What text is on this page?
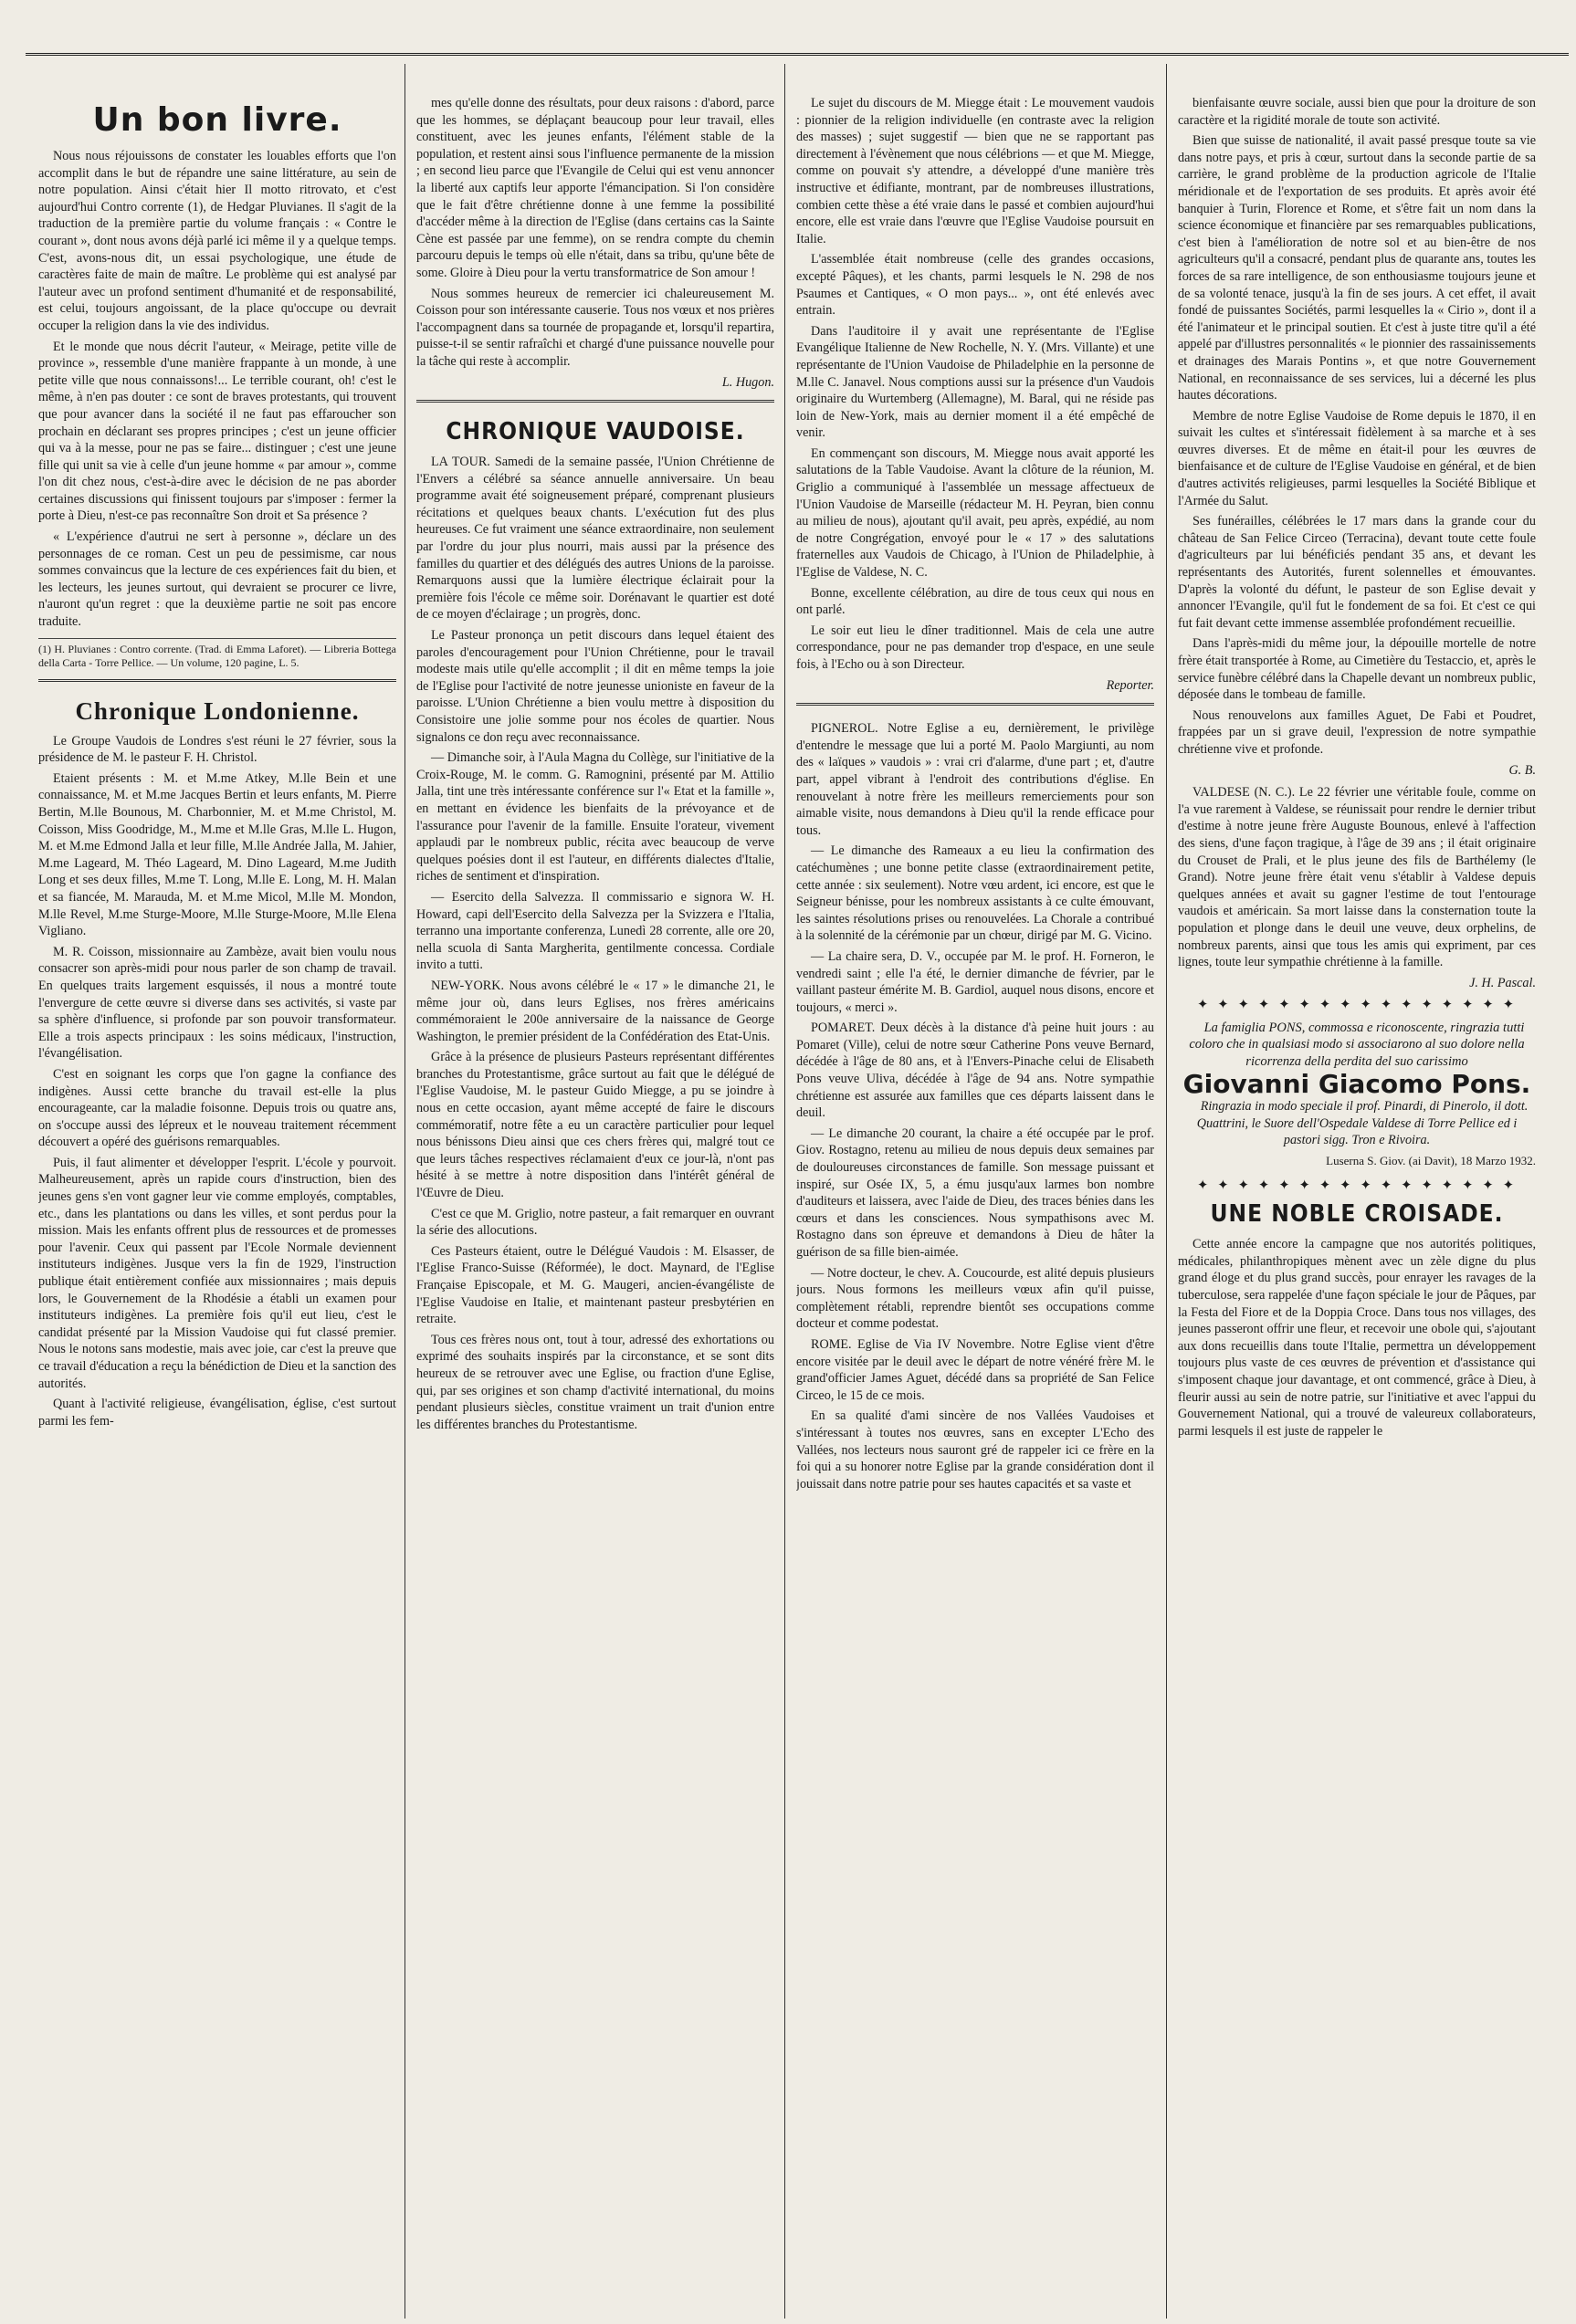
Un bon livre.

Nous nous réjouissons de constater les louables efforts que l'on accomplit dans le but de répandre une saine littérature, au sein de notre population. Ainsi c'était hier Il motto ritrovato, et c'est aujourd'hui Contro corrente (1), de Hedgar Pluvianes. Il s'agit de la traduction de la première partie du volume français : « Contre le courant », dont nous avons déjà parlé ici même il y a quelque temps. C'est, avons-nous dit, un essai psychologique, une étude de caractères faite de main de maître. Le problème qui est analysé par l'auteur avec un profond sentiment d'humanité et de responsabilité, est celui, toujours angoissant, de la place qu'occupe ou devrait occuper la religion dans la vie des individus.

Et le monde que nous décrit l'auteur, « Meirage, petite ville de province », ressemble d'une manière frappante à un monde, à une petite ville que nous connaissons!... Le terrible courant, oh! c'est le même, à n'en pas douter : ce sont de braves protestants, qui trouvent que pour avancer dans la société il ne faut pas effaroucher son prochain en déclarant ses propres principes ; c'est un jeune officier qui va à la messe, pour ne pas se faire... distinguer ; c'est une jeune fille qui unit sa vie à celle d'un jeune homme « par amour », comme l'on dit chez nous, c'est-à-dire avec le décision de ne pas aborder certaines discussions qui finissent toujours par s'imposer : fermer la porte à Dieu, n'est-ce pas reconnaître Son droit et Sa présence ?

« L'expérience d'autrui ne sert à personne », déclare un des personnages de ce roman. Cest un peu de pessimisme, car nous sommes convaincus que la lecture de ces expériences fait du bien, et les lecteurs, les jeunes surtout, qui devraient se procurer ce livre, n'auront qu'un regret : que la deuxième partie ne soit pas encore traduite.

(1) H. Pluvianes : Contro corrente. (Trad. di Emma Laforet). — Libreria Bottega della Carta - Torre Pellice. — Un volume, 120 pagine, L. 5.

Chronique Londonienne.

Le Groupe Vaudois de Londres s'est réuni le 27 février, sous la présidence de M. le pasteur F. H. Christol.

Etaient présents : M. et M.me Atkey, M.lle Bein et une connaissance, M. et M.me Jacques Bertin et leurs enfants, M. Pierre Bertin, M.lle Bounous, M. Charbonnier, M. et M.me Christol, M. Coisson, Miss Goodridge, M., M.me et M.lle Gras, M.lle L. Hugon, M. et M.me Edmond Jalla et leur fille, M.lle Andrée Jalla, M. Jahier, M.me Lageard, M. Théo Lageard, M. Dino Lageard, M.me Judith Long et ses deux filles, M.me T. Long, M.lle E. Long, M. H. Malan et sa fiancée, M. Marauda, M. et M.me Micol, M.lle M. Mondon, M.lle Revel, M.me Sturge-Moore, M.lle Sturge-Moore, M.lle Elena Vigliano.

M. R. Coisson, missionnaire au Zambèze, avait bien voulu nous consacrer son après-midi pour nous parler de son champ de travail. En quelques traits largement esquissés, il nous a montré toute l'envergure de cette œuvre si diverse dans ses activités, si vaste par sa sphère d'influence, si profonde par son pouvoir transformateur. Elle a trois aspects principaux : les soins médicaux, l'instruction, l'évangélisation.

C'est en soignant les corps que l'on gagne la confiance des indigènes. Aussi cette branche du travail est-elle la plus encourageante, car la maladie foisonne. Depuis trois ou quatre ans, on s'occupe aussi des lépreux et le nouveau traitement récemment découvert a opéré des guérisons remarquables.

Puis, il faut alimenter et développer l'esprit. L'école y pourvoit. Malheureusement, après un rapide cours d'instruction, bien des jeunes gens s'en vont gagner leur vie comme employés, comptables, etc., dans les plantations ou dans les villes, et sont perdus pour la mission. Mais les enfants offrent plus de ressources et de promesses pour l'avenir. Ceux qui passent par l'Ecole Normale deviennent instituteurs indigènes. Jusque vers la fin de 1929, l'instruction publique était entièrement confiée aux missionnaires ; mais depuis lors, le Gouvernement de la Rhodésie a établi un examen pour instituteurs indigènes. La première fois qu'il eut lieu, c'est le candidat présenté par la Mission Vaudoise qui fut classé premier. Nous le notons sans modestie, mais avec joie, car c'est la preuve que ce travail d'éducation a reçu la bénédiction de Dieu et la sanction des autorités.

Quant à l'activité religieuse, évangélisation, église, c'est surtout parmi les fem-

mes qu'elle donne des résultats, pour deux raisons : d'abord, parce que les hommes, se déplaçant beaucoup pour leur travail, elles constituent, avec les jeunes enfants, l'élément stable de la population, et restent ainsi sous l'influence permanente de la mission ; en second lieu parce que l'Evangile de Celui qui est venu annoncer la liberté aux captifs leur apporte l'émancipation. Si l'on considère que le fait d'être chrétienne donne à une femme la possibilité d'accéder même à la direction de l'Eglise (dans certains cas la Sainte Cène est passée par une femme), on se rendra compte du chemin parcouru depuis le temps où elle n'était, dans sa tribu, qu'une bête de some. Gloire à Dieu pour la vertu transformatrice de Son amour !

Nous sommes heureux de remercier ici chaleureusement M. Coisson pour son intéressante causerie. Tous nos vœux et nos prières l'accompagnent dans sa tournée de propagande et, lorsqu'il repartira, puisse-t-il se sentir rafraîchi et chargé d'une puissance nouvelle pour la tâche qui reste à accomplir.

L. Hugon.

CHRONIQUE VAUDOISE.

LA TOUR. Samedi de la semaine passée, l'Union Chrétienne de l'Envers a célébré sa séance annuelle anniversaire. Un beau programme avait été soigneusement préparé, comprenant plusieurs récitations et quelques beaux chants. L'exécution fut des plus heureuses. Ce fut vraiment une séance extraordinaire, non seulement par l'ordre du jour plus nourri, mais aussi par la présence des familles du quartier et des délégués des autres Unions de la paroisse. Remarquons aussi que la lumière électrique éclairait pour la première fois l'école ce même soir. Dorénavant le quartier est doté de ce moyen d'éclairage ; un progrès, donc.

Le Pasteur prononça un petit discours dans lequel étaient des paroles d'encouragement pour l'Union Chrétienne, pour le travail modeste mais utile qu'elle accomplit ; il dit en même temps la joie de l'Eglise pour l'activité de notre jeunesse unioniste en faveur de la paroisse. L'Union Chrétienne a bien voulu mettre à disposition du Consistoire une jolie somme pour nos écoles de quartier. Nous signalons ce don reçu avec reconnaissance.

— Dimanche soir, à l'Aula Magna du Collège, sur l'initiative de la Croix-Rouge, M. le comm. G. Ramognini, présenté par M. Attilio Jalla, tint une très intéressante conférence sur l'« Etat et la famille », en mettant en évidence les bienfaits de la prévoyance et de l'assurance pour l'avenir de la famille. Ensuite l'orateur, vivement applaudi par le nombreux public, récita avec beaucoup de verve quelques poésies dont il est l'auteur, en différents dialectes d'Italie, riches de sentiment et d'inspiration.

— Esercito della Salvezza. Il commissario e signora W. H. Howard, capi dell'Esercito della Salvezza per la Svizzera e l'Italia, terranno una importante conferenza, Lunedì 28 corrente, alle ore 20, nella scuola di Santa Margherita, gentilmente concessa. Cordiale invito a tutti.

NEW-YORK. Nous avons célébré le « 17 » le dimanche 21, le même jour où, dans leurs Eglises, nos frères américains commémoraient le 200e anniversaire de la naissance de George Washington, le premier président de la Confédération des Etat-Unis.

Grâce à la présence de plusieurs Pasteurs représentant différentes branches du Protestantisme, grâce surtout au fait que le délégué de l'Eglise Vaudoise, M. le pasteur Guido Miegge, a pu se joindre à nous en cette occasion, ayant même accepté de faire le discours commémoratif, notre fête a eu un caractère particulier pour lequel nous bénissons Dieu ainsi que ces chers frères qui, malgré tout ce que leurs tâches respectives réclamaient d'eux ce jour-là, n'ont pas hésité à se mettre à notre disposition dans l'intérêt général de l'Œuvre de Dieu.

C'est ce que M. Griglio, notre pasteur, a fait remarquer en ouvrant la série des allocutions.

Ces Pasteurs étaient, outre le Délégué Vaudois : M. Elsasser, de l'Eglise Franco-Suisse (Réformée), le doct. Maynard, de l'Eglise Française Episcopale, et M. G. Maugeri, ancien-évangéliste de l'Eglise Vaudoise en Italie, et maintenant pasteur presbytérien en retraite.

Tous ces frères nous ont, tout à tour, adressé des exhortations ou exprimé des souhaits inspirés par la circonstance, et se sont dits heureux de se retrouver avec une Eglise, ou fraction d'une Eglise, qui, par ses origines et son champ d'activité international, du moins pendant plusieurs siècles, constitue vraiment un trait d'union entre les différentes branches du Protestantisme.

Le sujet du discours de M. Miegge était : Le mouvement vaudois : pionnier de la religion individuelle (en contraste avec la religion des masses) ; sujet suggestif — bien que ne se rapportant pas directement à l'évènement que nous célébrions — et que M. Miegge, comme on pouvait s'y attendre, a développé d'une manière très instructive et édifiante, montrant, par de nombreuses illustrations, combien cette thèse a été vraie dans le passé et combien aujourd'hui encore, elle est vraie dans l'œuvre que l'Eglise Vaudoise poursuit en Italie.

L'assemblée était nombreuse (celle des grandes occasions, excepté Pâques), et les chants, parmi lesquels le N. 298 de nos Psaumes et Cantiques, « O mon pays... », ont été enlevés avec entrain.

Dans l'auditoire il y avait une représentante de l'Eglise Evangélique Italienne de New Rochelle, N. Y. (Mrs. Villante) et une représentante de l'Union Vaudoise de Philadelphie en la personne de M.lle C. Janavel. Nous comptions aussi sur la présence d'un Vaudois originaire du Wurtemberg (Allemagne), M. Baral, qui ne réside pas loin de New-York, mais au dernier moment il a été empêché de venir.

En commençant son discours, M. Miegge nous avait apporté les salutations de la Table Vaudoise. Avant la clôture de la réunion, M. Griglio a communiqué à l'assemblée un message affectueux de l'Union Vaudoise de Marseille (rédacteur M. H. Peyran, bien connu au milieu de nous), ajoutant qu'il avait, peu après, expédié, au nom de notre Congrégation, envoyé pour le « 17 » des salutations fraternelles aux Vaudois de Chicago, à l'Union de Philadelphie, à l'Eglise de Valdese, N. C.

Bonne, excellente célébration, au dire de tous ceux qui nous en ont parlé.

Le soir eut lieu le dîner traditionnel. Mais de cela une autre correspondance, pour ne pas demander trop d'espace, en une seule fois, à l'Echo ou à son Directeur.

Reporter.

PIGNEROL. Notre Eglise a eu, dernièrement, le privilège d'entendre le message que lui a porté M. Paolo Margiunti, au nom des « laïques » vaudois » : vrai cri d'alarme, d'une part ; et, d'autre part, appel vibrant à l'endroit des contributions d'église. En renouvelant à notre frère les meilleurs remerciements pour son aimable visite, nous demandons à Dieu qu'il la rende efficace pour tous.

— Le dimanche des Rameaux a eu lieu la confirmation des catéchumènes ; une bonne petite classe (extraordinairement petite, cette année : six seulement). Notre vœu ardent, ici encore, est que le Seigneur bénisse, pour les nombreux assistants à ce culte émouvant, les saintes résolutions prises ou renouvelées. La Chorale a contribué à la solennité de la cérémonie par un chœur, dirigé par M. G. Vicino.

— La chaire sera, D. V., occupée par M. le prof. H. Forneron, le vendredi saint ; elle l'a été, le dernier dimanche de février, par le vaillant pasteur émérite M. B. Gardiol, auquel nous disons, encore et toujours, « merci ».

POMARET. Deux décès à la distance d'à peine huit jours : au Pomaret (Ville), celui de notre sœur Catherine Pons veuve Bernard, décédée à l'âge de 80 ans, et à l'Envers-Pinache celui de Elisabeth Pons veuve Uliva, décédée à l'âge de 94 ans. Notre sympathie chrétienne est assurée aux familles que ces départs laissent dans le deuil.

— Le dimanche 20 courant, la chaire a été occupée par le prof. Giov. Rostagno, retenu au milieu de nous depuis deux semaines par de douloureuses circonstances de famille. Son message puissant et inspiré, sur Osée IX, 5, a ému jusqu'aux larmes bon nombre d'auditeurs et laissera, avec l'aide de Dieu, des traces bénies dans les cœurs et dans les consciences. Nous sympathisons avec M. Rostagno dans son épreuve et demandons à Dieu de hâter la guérison de sa fille bien-aimée.

— Notre docteur, le chev. A. Coucourde, est alité depuis plusieurs jours. Nous formons les meilleurs vœux afin qu'il puisse, complètement rétabli, reprendre bientôt ses occupations comme docteur et comme podestat.

ROME. Eglise de Via IV Novembre. Notre Eglise vient d'être encore visitée par le deuil avec le départ de notre vénéré frère M. le grand'officier James Aguet, décédé dans sa propriété de San Felice Circeo, le 15 de ce mois.

En sa qualité d'ami sincère de nos Vallées Vaudoises et s'intéressant à toutes nos œuvres, sans en excepter L'Echo des Vallées, nos lecteurs nous sauront gré de rappeler ici ce frère en la foi qui a su honorer notre Eglise par la grande considération dont il jouissait dans notre patrie pour ses hautes capacités et sa vaste et

bienfaisante œuvre sociale, aussi bien que pour la droiture de son caractère et la rigidité morale de toute son activité.

Bien que suisse de nationalité, il avait passé presque toute sa vie dans notre pays, et pris à cœur, surtout dans la seconde partie de sa carrière, le grand problème de la production agricole de l'Italie méridionale et de l'exportation de ses produits. Et après avoir été banquier à Turin, Florence et Rome, et s'être fait un nom dans la science économique et financière par ses remarquables publications, c'est bien à l'amélioration de notre sol et au bien-être de nos agriculteurs qu'il a consacré, pendant plus de quarante ans, toutes les forces de sa rare intelligence, de son enthousiasme toujours jeune et de sa volonté tenace, jusqu'à la fin de ses jours. A cet effet, il avait fondé de puissantes Sociétés, parmi lesquelles la « Cirio », dont il a été l'animateur et le principal soutien. Et c'est à juste titre qu'il a été appelé par d'illustres personnalités « le pionnier des rassainissements et drainages des Marais Pontins », et que notre Gouvernement National, en reconnaissance de ses services, lui a décerné les plus hautes décorations.

Membre de notre Eglise Vaudoise de Rome depuis le 1870, il en suivait les cultes et s'intéressait fidèlement à sa marche et à ses œuvres diverses. Et de même en était-il pour les œuvres de bienfaisance et de culture de l'Eglise Vaudoise en général, et de bien d'autres activités religieuses, parmi lesquelles la Société Biblique et l'Armée du Salut.

Ses funérailles, célébrées le 17 mars dans la grande cour du château de San Felice Circeo (Terracina), devant toute cette foule d'agriculteurs par lui bénéficiés pendant 35 ans, et devant les représentants des Autorités, furent solennelles et émouvantes. D'après la volonté du défunt, le pasteur de son Eglise devait y annoncer l'Evangile, qu'il fut le fondement de sa foi. Et c'est ce qui fut fait devant cette immense assemblée profondément recueillie.

Dans l'après-midi du même jour, la dépouille mortelle de notre frère était transportée à Rome, au Cimetière du Testaccio, et, après le service funèbre célébré dans la Chapelle devant un nombreux public, déposée dans le tombeau de famille.

Nous renouvelons aux familles Aguet, De Fabi et Poudret, frappées par un si grave deuil, l'expression de notre sympathie chrétienne vive et profonde.

G. B.

VALDESE (N. C.). Le 22 février une véritable foule, comme on l'a vue rarement à Valdese, se réunissait pour rendre le dernier tribut d'estime à notre jeune frère Auguste Bounous, enlevé à l'affection des siens, d'une façon tragique, à l'âge de 39 ans ; il était originaire du Crouset de Prali, et le plus jeune des fils de Barthélemy (le Grand). Notre jeune frère était venu s'établir à Valdese depuis quelques années et avait su gagner l'estime de tout l'entourage vaudois et américain. Sa mort laisse dans la consternation toute la population et plonge dans le deuil une veuve, deux orphelins, de nombreux parents, ainsi que tous les amis qui expriment, par ces lignes, toute leur sympathie chrétienne à la famille.

J. H. Pascal.

✦ ✦ ✦ ✦ ✦ ✦ ✦ ✦ ✦ ✦ ✦ ✦ ✦ ✦ ✦ ✦

La famiglia PONS, commossa e riconoscente, ringrazia tutti coloro che in qualsiasi modo si associarono al suo dolore nella ricorrenza della perdita del suo carissimo

Giovanni Giacomo Pons.

Ringrazia in modo speciale il prof. Pinardi, di Pinerolo, il dott. Quattrini, le Suore dell'Ospedale Valdese di Torre Pellice ed i pastori sigg. Tron e Rivoira.

Luserna S. Giov. (ai Davit), 18 Marzo 1932.
✦ ✦ ✦ ✦ ✦ ✦ ✦ ✦ ✦ ✦ ✦ ✦ ✦ ✦ ✦ ✦
UNE NOBLE CROISADE.

Cette année encore la campagne que nos autorités politiques, médicales, philanthropiques mènent avec un zèle digne du plus grand éloge et du plus grand succès, pour enrayer les ravages de la tuberculose, sera rappelée d'une façon spéciale le jour de Pâques, par la Festa del Fiore et de la Doppia Croce. Dans tous nos villages, des jeunes passeront offrir une fleur, et recevoir une obole qui, s'ajoutant aux dons recueillis dans toute l'Italie, permettra un développement toujours plus vaste de ces œuvres de prévention et d'assistance qui s'imposent chaque jour davantage, et ont commencé, grâce à Dieu, à fleurir aussi au sein de notre patrie, sur l'initiative et avec l'appui du Gouvernement National, qui a trouvé de valeureux collaborateurs, parmi lesquels il est juste de rappeler le
